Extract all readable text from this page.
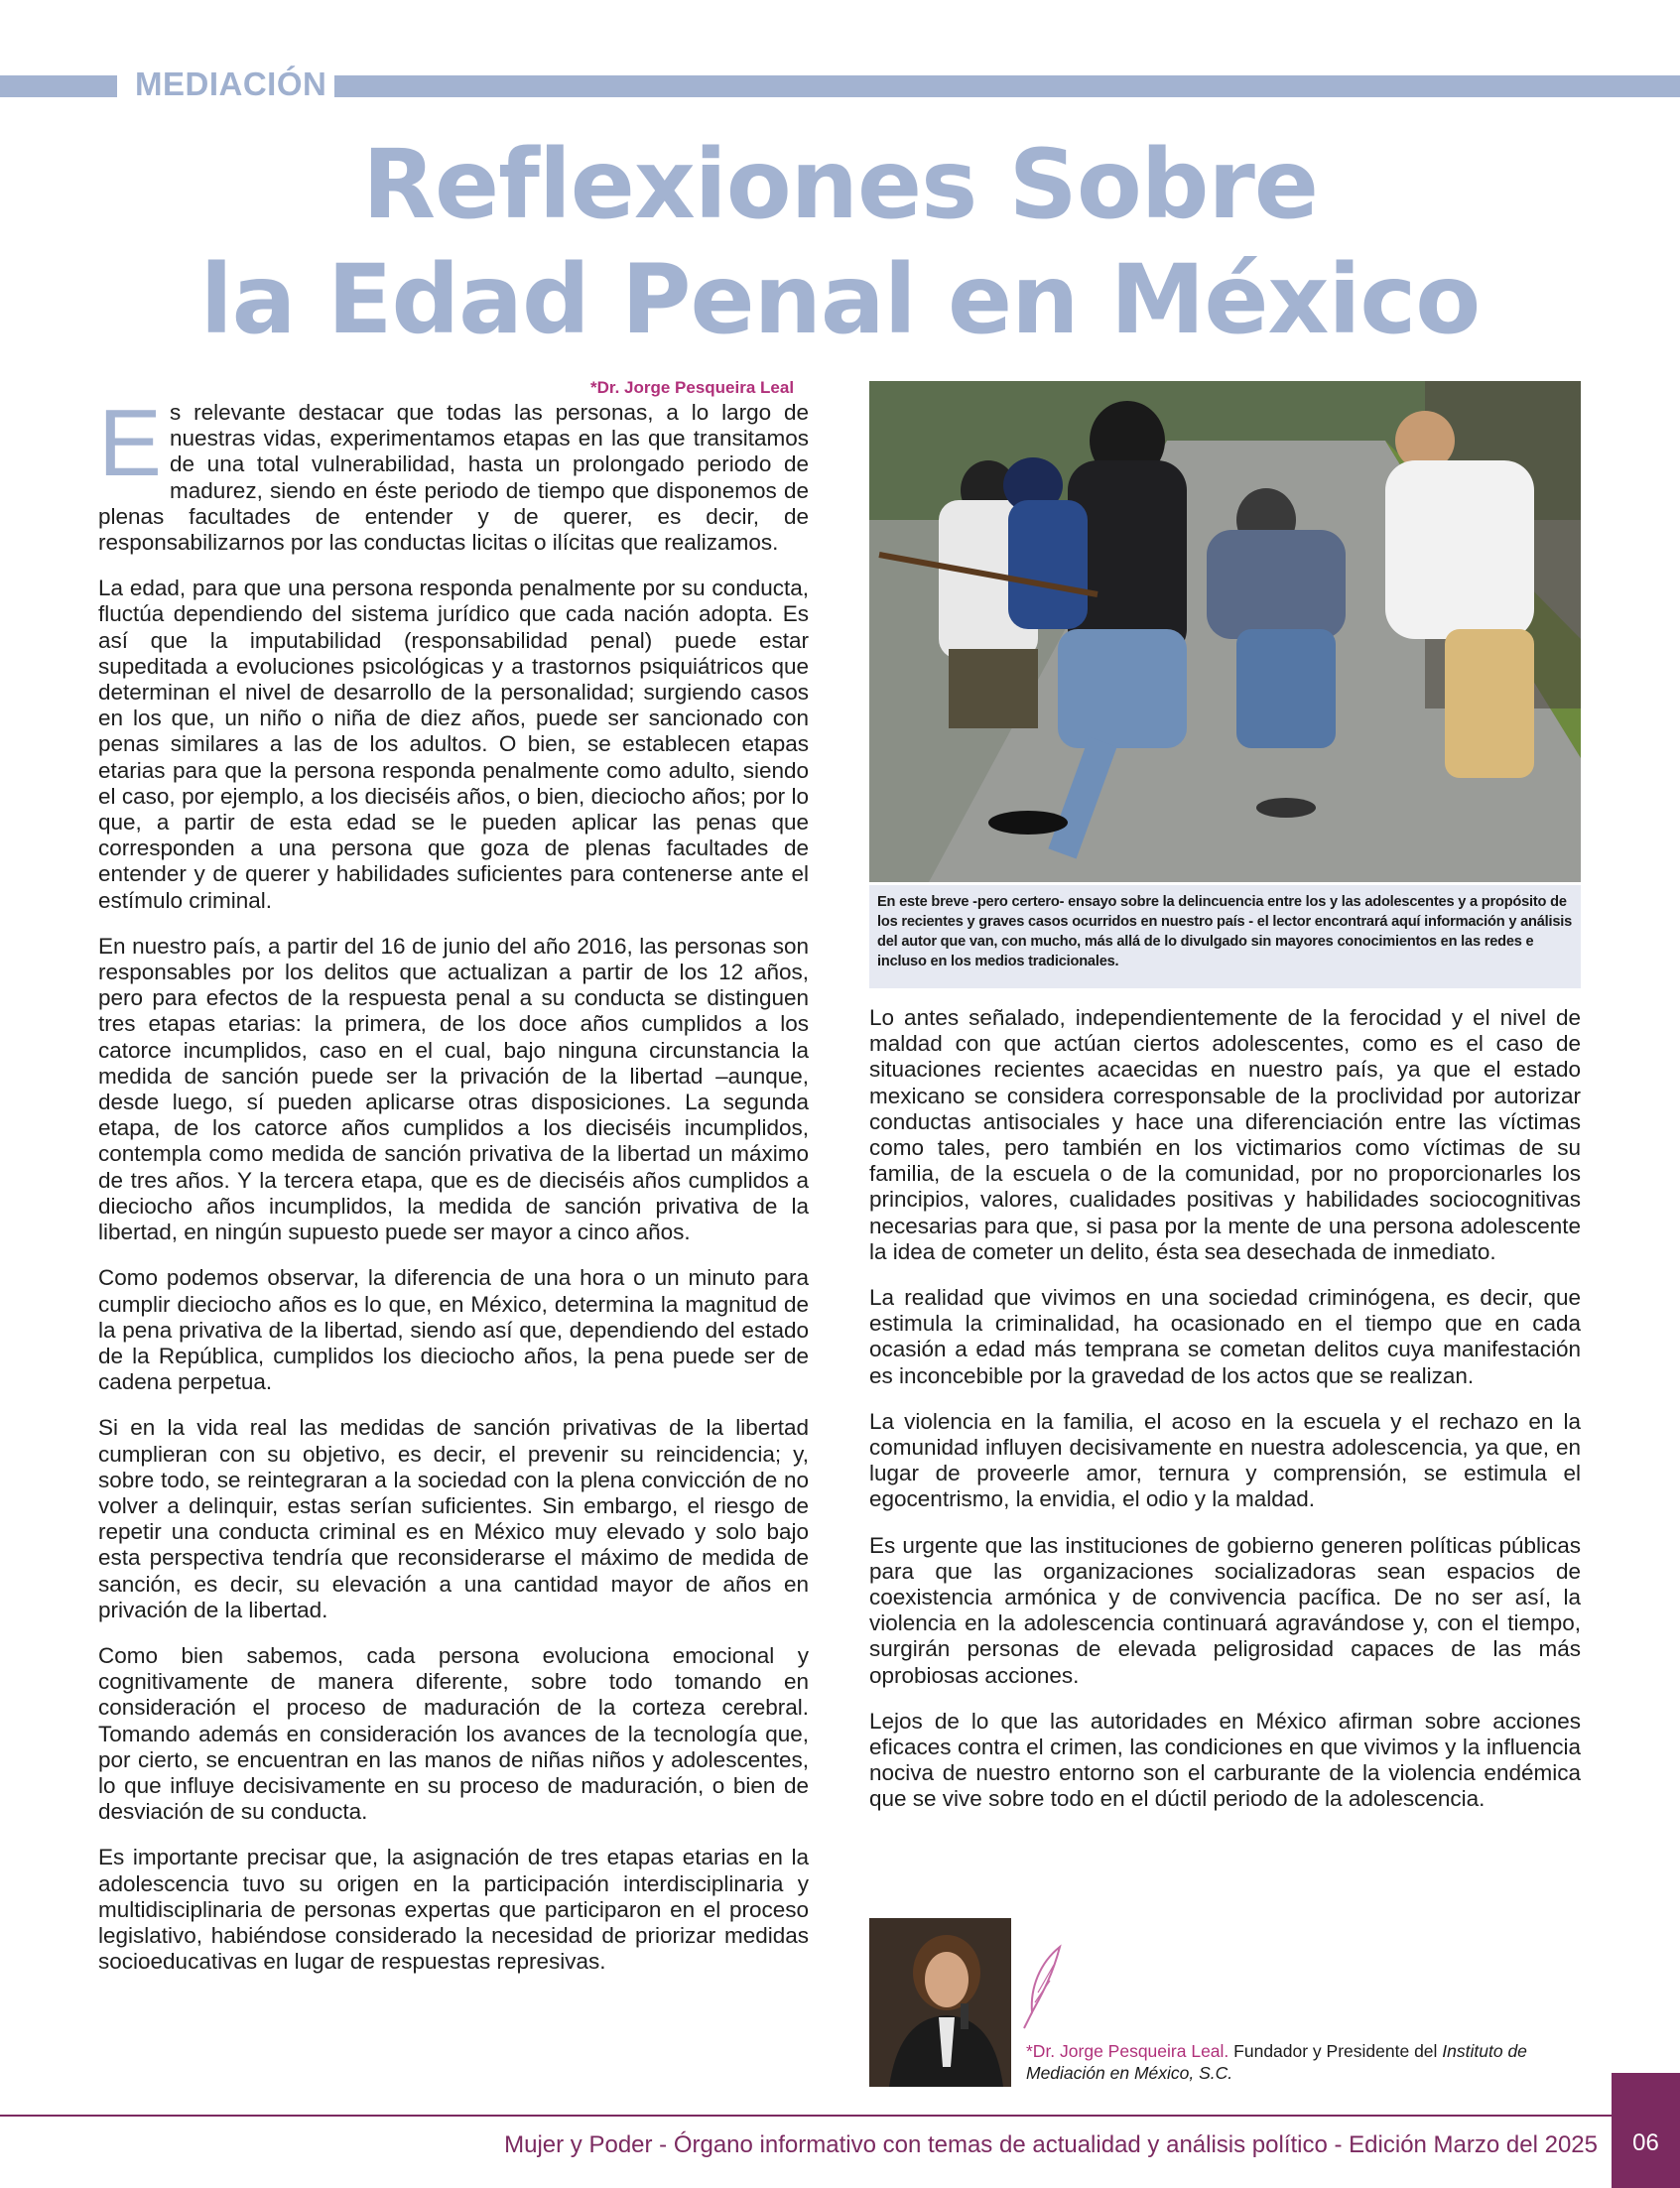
MEDIACIÓN
Reflexiones Sobre
la Edad Penal en México
*Dr. Jorge Pesqueira Leal

Es relevante destacar que todas las personas, a lo largo de nuestras vidas, experimentamos etapas en las que transitamos de una total vulnerabilidad, hasta un prolongado periodo de madurez, siendo en éste periodo de tiempo que disponemos de plenas facultades de entender y de querer, es decir, de responsabilizarnos por las conductas licitas o ilícitas que realizamos.

La edad, para que una persona responda penalmente por su conducta, fluctúa dependiendo del sistema jurídico que cada nación adopta. Es así que la imputabilidad (responsabilidad penal) puede estar supeditada a evoluciones psicológicas y a trastornos psiquiátricos que determinan el nivel de desarrollo de la personalidad; surgiendo casos en los que, un niño o niña de diez años, puede ser sancionado con penas similares a las de los adultos. O bien, se establecen etapas etarias para que la persona responda penalmente como adulto, siendo el caso, por ejemplo, a los dieciséis años, o bien, dieciocho años; por lo que, a partir de esta edad se le pueden aplicar las penas que corresponden a una persona que goza de plenas facultades de entender y de querer y habilidades suficientes para contenerse ante el estímulo criminal.

En nuestro país, a partir del 16 de junio del año 2016, las personas son responsables por los delitos que actualizan a partir de los 12 años, pero para efectos de la respuesta penal a su conducta se distinguen tres etapas etarias: la primera, de los doce años cumplidos a los catorce incumplidos, caso en el cual, bajo ninguna circunstancia la medida de sanción puede ser la privación de la libertad –aunque, desde luego, sí pueden aplicarse otras disposiciones. La segunda etapa, de los catorce años cumplidos a los dieciséis incumplidos, contempla como medida de sanción privativa de la libertad un máximo de tres años. Y la tercera etapa, que es de dieciséis años cumplidos a dieciocho años incumplidos, la medida de sanción privativa de la libertad, en ningún supuesto puede ser mayor a cinco años.

Como podemos observar, la diferencia de una hora o un minuto para cumplir dieciocho años es lo que, en México, determina la magnitud de la pena privativa de la libertad, siendo así que, dependiendo del estado de la República, cumplidos los dieciocho años, la pena puede ser de cadena perpetua.

Si en la vida real las medidas de sanción privativas de la libertad cumplieran con su objetivo, es decir, el prevenir su reincidencia; y, sobre todo, se reintegraran a la sociedad con la plena convicción de no volver a delinquir, estas serían suficientes. Sin embargo, el riesgo de repetir una conducta criminal es en México muy elevado y solo bajo esta perspectiva tendría que reconsiderarse el máximo de medida de sanción, es decir, su elevación a una cantidad mayor de años en privación de la libertad.

Como bien sabemos, cada persona evoluciona emocional y cognitivamente de manera diferente, sobre todo tomando en consideración el proceso de maduración de la corteza cerebral. Tomando además en consideración los avances de la tecnología que, por cierto, se encuentran en las manos de niñas niños y adolescentes, lo que influye decisivamente en su proceso de maduración, o bien de desviación de su conducta.

Es importante precisar que, la asignación de tres etapas etarias en la adolescencia tuvo su origen en la participación interdisciplinaria y multidisciplinaria de personas expertas que participaron en el proceso legislativo, habiéndose considerado la necesidad de priorizar medidas socioeducativas en lugar de respuestas represivas.

En este breve -pero certero- ensayo sobre la delincuencia entre los y las adolescentes y a propósito de los recientes y graves casos ocurridos en nuestro país - el lector encontrará aquí información y análisis del autor que van, con mucho, más allá de lo divulgado sin mayores conocimientos en las redes e incluso en los medios tradicionales.

Lo antes señalado, independientemente de la ferocidad y el nivel de maldad con que actúan ciertos adolescentes, como es el caso de situaciones recientes acaecidas en nuestro país, ya que el estado mexicano se considera corresponsable de la proclividad por autorizar conductas antisociales y hace una diferenciación entre las víctimas como tales, pero también en los victimarios como víctimas de su familia, de la escuela o de la comunidad, por no proporcionarles los principios, valores, cualidades positivas y habilidades sociocognitivas necesarias para que, si pasa por la mente de una persona adolescente la idea de cometer un delito, ésta sea desechada de inmediato.

La realidad que vivimos en una sociedad criminógena, es decir, que estimula la criminalidad, ha ocasionado en el tiempo que en cada ocasión a edad más temprana se cometan delitos cuya manifestación es inconcebible por la gravedad de los actos que se realizan.

La violencia en la familia, el acoso en la escuela y el rechazo en la comunidad influyen decisivamente en nuestra adolescencia, ya que, en lugar de proveerle amor, ternura y comprensión, se estimula el egocentrismo, la envidia, el odio y la maldad.

Es urgente que las instituciones de gobierno generen políticas públicas para que las organizaciones socializadoras sean espacios de coexistencia armónica y de convivencia pacífica. De no ser así, la violencia en la adolescencia continuará agravándose y, con el tiempo, surgirán personas de elevada peligrosidad capaces de las más oprobiosas acciones.

Lejos de lo que las autoridades en México afirman sobre acciones eficaces contra el crimen, las condiciones en que vivimos y la influencia nociva de nuestro entorno son el carburante de la violencia endémica que se vive sobre todo en el dúctil periodo de la adolescencia.

*Dr. Jorge Pesqueira Leal. Fundador y Presidente del Instituto de Mediación en México, S.C.
Mujer y Poder - Órgano informativo con temas de actualidad y análisis político - Edición Marzo del 2025	06
